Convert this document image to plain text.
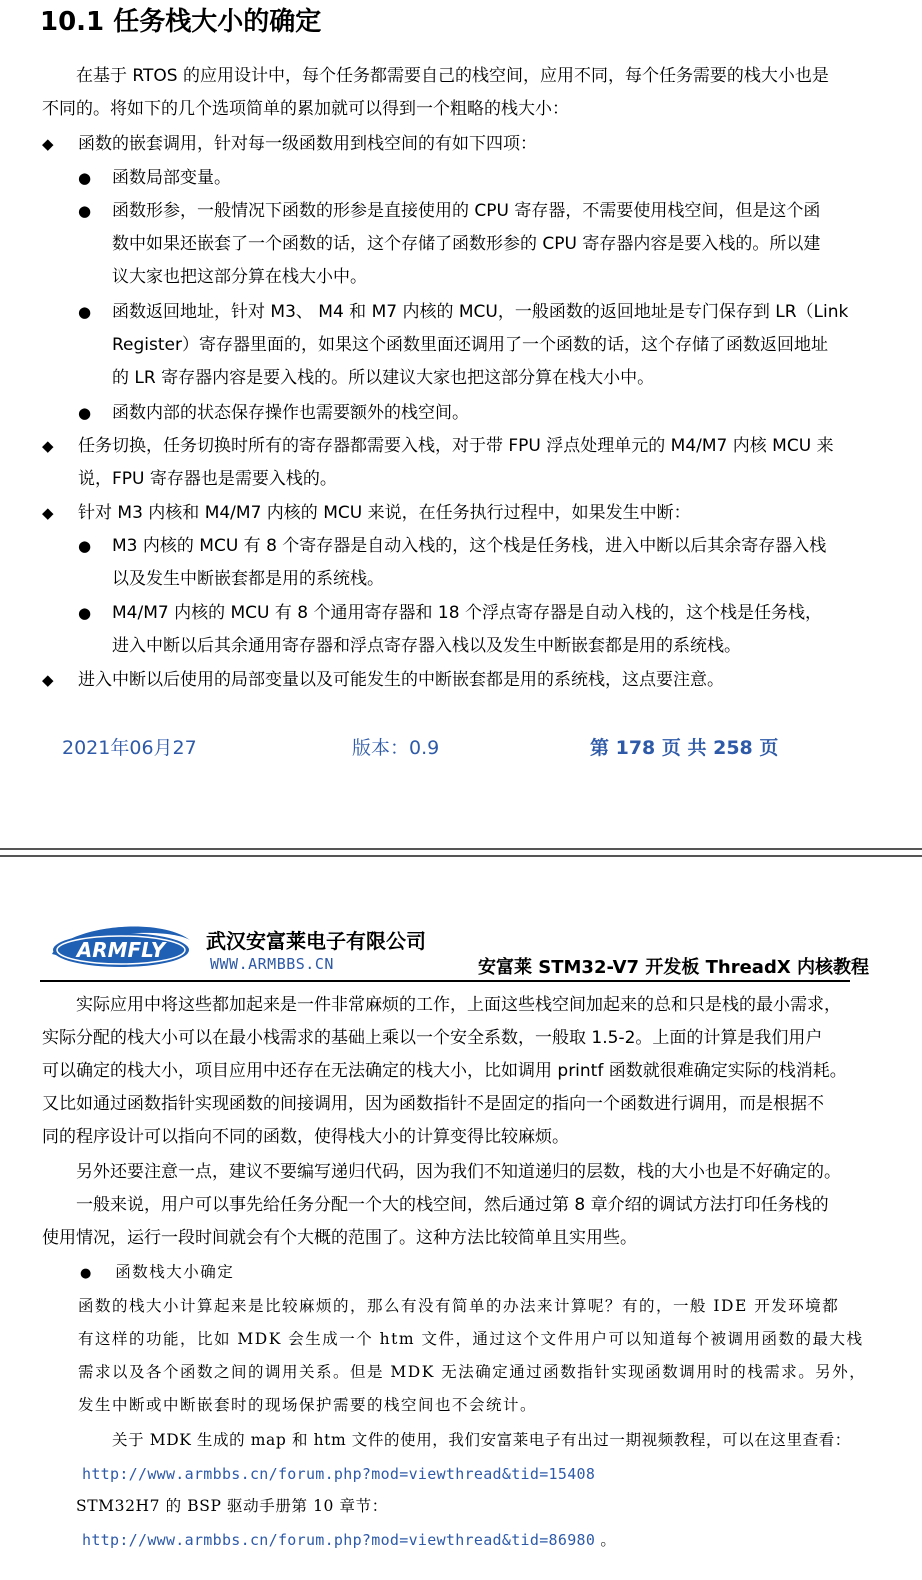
10.1 任务栈大小的确定

在基于 RTOS 的应用设计中，每个任务都需要自己的栈空间，应用不同，每个任务需要的栈大小也是

不同的。将如下的几个选项简单的累加就可以得到一个粗略的栈大小：

◆	函数的嵌套调用，针对每一级函数用到栈空间的有如下四项：
●	函数局部变量。
●	函数形参，一般情况下函数的形参是直接使用的 CPU 寄存器，不需要使用栈空间，但是这个函
数中如果还嵌套了一个函数的话，这个存储了函数形参的 CPU 寄存器内容是要入栈的。所以建
议大家也把这部分算在栈大小中。
●	函数返回地址，针对 M3、 M4 和 M7 内核的 MCU，一般函数的返回地址是专门保存到 LR（Link
Register）寄存器里面的，如果这个函数里面还调用了一个函数的话，这个存储了函数返回地址
的 LR 寄存器内容是要入栈的。所以建议大家也把这部分算在栈大小中。
●	函数内部的状态保存操作也需要额外的栈空间。
◆	任务切换，任务切换时所有的寄存器都需要入栈，对于带 FPU 浮点处理单元的 M4/M7 内核 MCU 来
说，FPU 寄存器也是需要入栈的。
◆	针对 M3 内核和 M4/M7 内核的 MCU 来说，在任务执行过程中，如果发生中断：
●	M3 内核的 MCU 有 8 个寄存器是自动入栈的，这个栈是任务栈，进入中断以后其余寄存器入栈
以及发生中断嵌套都是用的系统栈。
●	M4/M7 内核的 MCU 有 8 个通用寄存器和 18 个浮点寄存器是自动入栈的，这个栈是任务栈，
进入中断以后其余通用寄存器和浮点寄存器入栈以及发生中断嵌套都是用的系统栈。
◆	进入中断以后使用的局部变量以及可能发生的中断嵌套都是用的系统栈，这点要注意。
2021年06月27	版本：0.9	第 178 页 共 258 页
ARMFLY 武汉安富莱电子有限公司
WWW.ARMBBS.CN	安富莱 STM32-V7 开发板 ThreadX 内核教程

实际应用中将这些都加起来是一件非常麻烦的工作，上面这些栈空间加起来的总和只是栈的最小需求，

实际分配的栈大小可以在最小栈需求的基础上乘以一个安全系数，一般取 1.5-2。上面的计算是我们用户

可以确定的栈大小，项目应用中还存在无法确定的栈大小，比如调用 printf 函数就很难确定实际的栈消耗。

又比如通过函数指针实现函数的间接调用，因为函数指针不是固定的指向一个函数进行调用，而是根据不

同的程序设计可以指向不同的函数，使得栈大小的计算变得比较麻烦。

另外还要注意一点，建议不要编写递归代码，因为我们不知道递归的层数，栈的大小也是不好确定的。

一般来说，用户可以事先给任务分配一个大的栈空间，然后通过第 8 章介绍的调试方法打印任务栈的

使用情况，运行一段时间就会有个大概的范围了。这种方法比较简单且实用些。

● 函数栈大小确定
函数的栈大小计算起来是比较麻烦的，那么有没有简单的办法来计算呢？有的，一般 IDE 开发环境都
有这样的功能，比如 MDK 会生成一个 htm 文件，通过这个文件用户可以知道每个被调用函数的最大栈
需求以及各个函数之间的调用关系。但是 MDK 无法确定通过函数指针实现函数调用时的栈需求。另外，
发生中断或中断嵌套时的现场保护需要的栈空间也不会统计。
关于 MDK 生成的 map 和 htm 文件的使用，我们安富莱电子有出过一期视频教程，可以在这里查看：
http://www.armbbs.cn/forum.php?mod=viewthread&tid=15408
STM32H7 的 BSP 驱动手册第 10 章节：
http://www.armbbs.cn/forum.php?mod=viewthread&tid=86980 。
